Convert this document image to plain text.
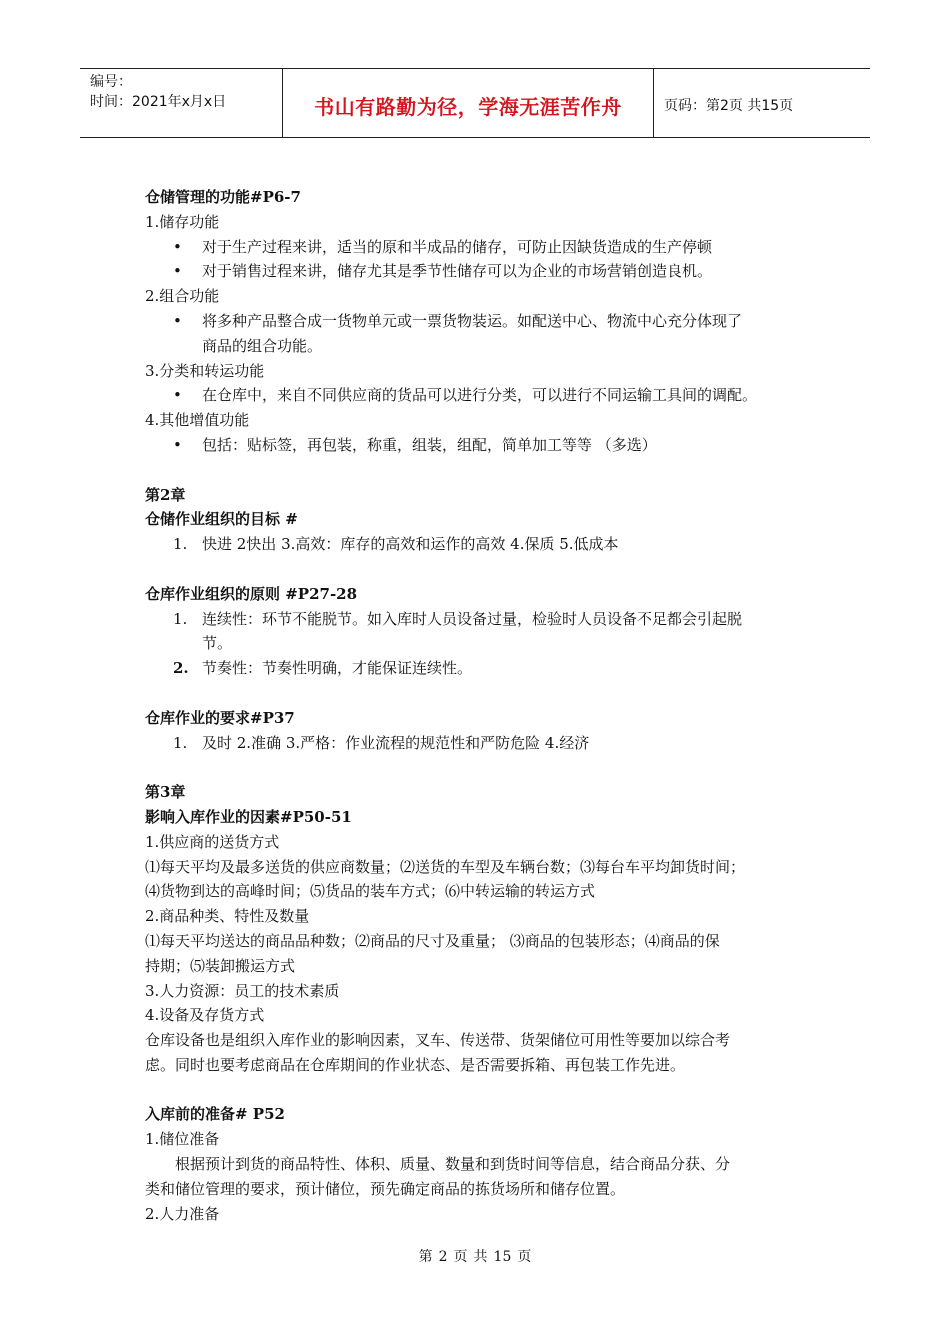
编号：
时间：2021年x月x日	书山有路勤为径，学海无涯苦作舟	页码：第2页 共15页
仓储管理的功能#P6-7
1.储存功能
• 对于生产过程来讲，适当的原和半成品的储存，可防止因缺货造成的生产停顿
• 对于销售过程来讲，储存尤其是季节性储存可以为企业的市场营销创造良机。
2.组合功能
• 将多种产品整合成一货物单元或一票货物装运。如配送中心、物流中心充分体现了
商品的组合功能。
3.分类和转运功能
• 在仓库中，来自不同供应商的货品可以进行分类，可以进行不同运输工具间的调配。
4.其他增值功能
• 包括：贴标签，再包装，称重，组装，组配，简单加工等等 （多选）
第2章
仓储作业组织的目标 #
1. 快进 2快出 3.高效：库存的高效和运作的高效 4.保质 5.低成本
仓库作业组织的原则 #P27-28
1. 连续性：环节不能脱节。如入库时人员设备过量，检验时人员设备不足都会引起脱
节。
2. 节奏性：节奏性明确，才能保证连续性。
仓库作业的要求#P37
1. 及时 2.准确 3.严格：作业流程的规范性和严防危险 4.经济
第3章
影响入库作业的因素#P50-51
1.供应商的送货方式
⑴每天平均及最多送货的供应商数量；⑵送货的车型及车辆台数；⑶每台车平均卸货时间；
⑷货物到达的高峰时间；⑸货品的装车方式；⑹中转运输的转运方式
2.商品种类、特性及数量
⑴每天平均送达的商品品种数；⑵商品的尺寸及重量； ⑶商品的包装形态；⑷商品的保
持期；⑸装卸搬运方式
3.人力资源：员工的技术素质
4.设备及存货方式
仓库设备也是组织入库作业的影响因素，叉车、传送带、货架储位可用性等要加以综合考
虑。同时也要考虑商品在仓库期间的作业状态、是否需要拆箱、再包装工作先进。
入库前的准备# P52
1.储位准备
根据预计到货的商品特性、体积、质量、数量和到货时间等信息，结合商品分获、分
类和储位管理的要求，预计储位，预先确定商品的拣货场所和储存位置。
2.人力准备
第 2 页 共 15 页
